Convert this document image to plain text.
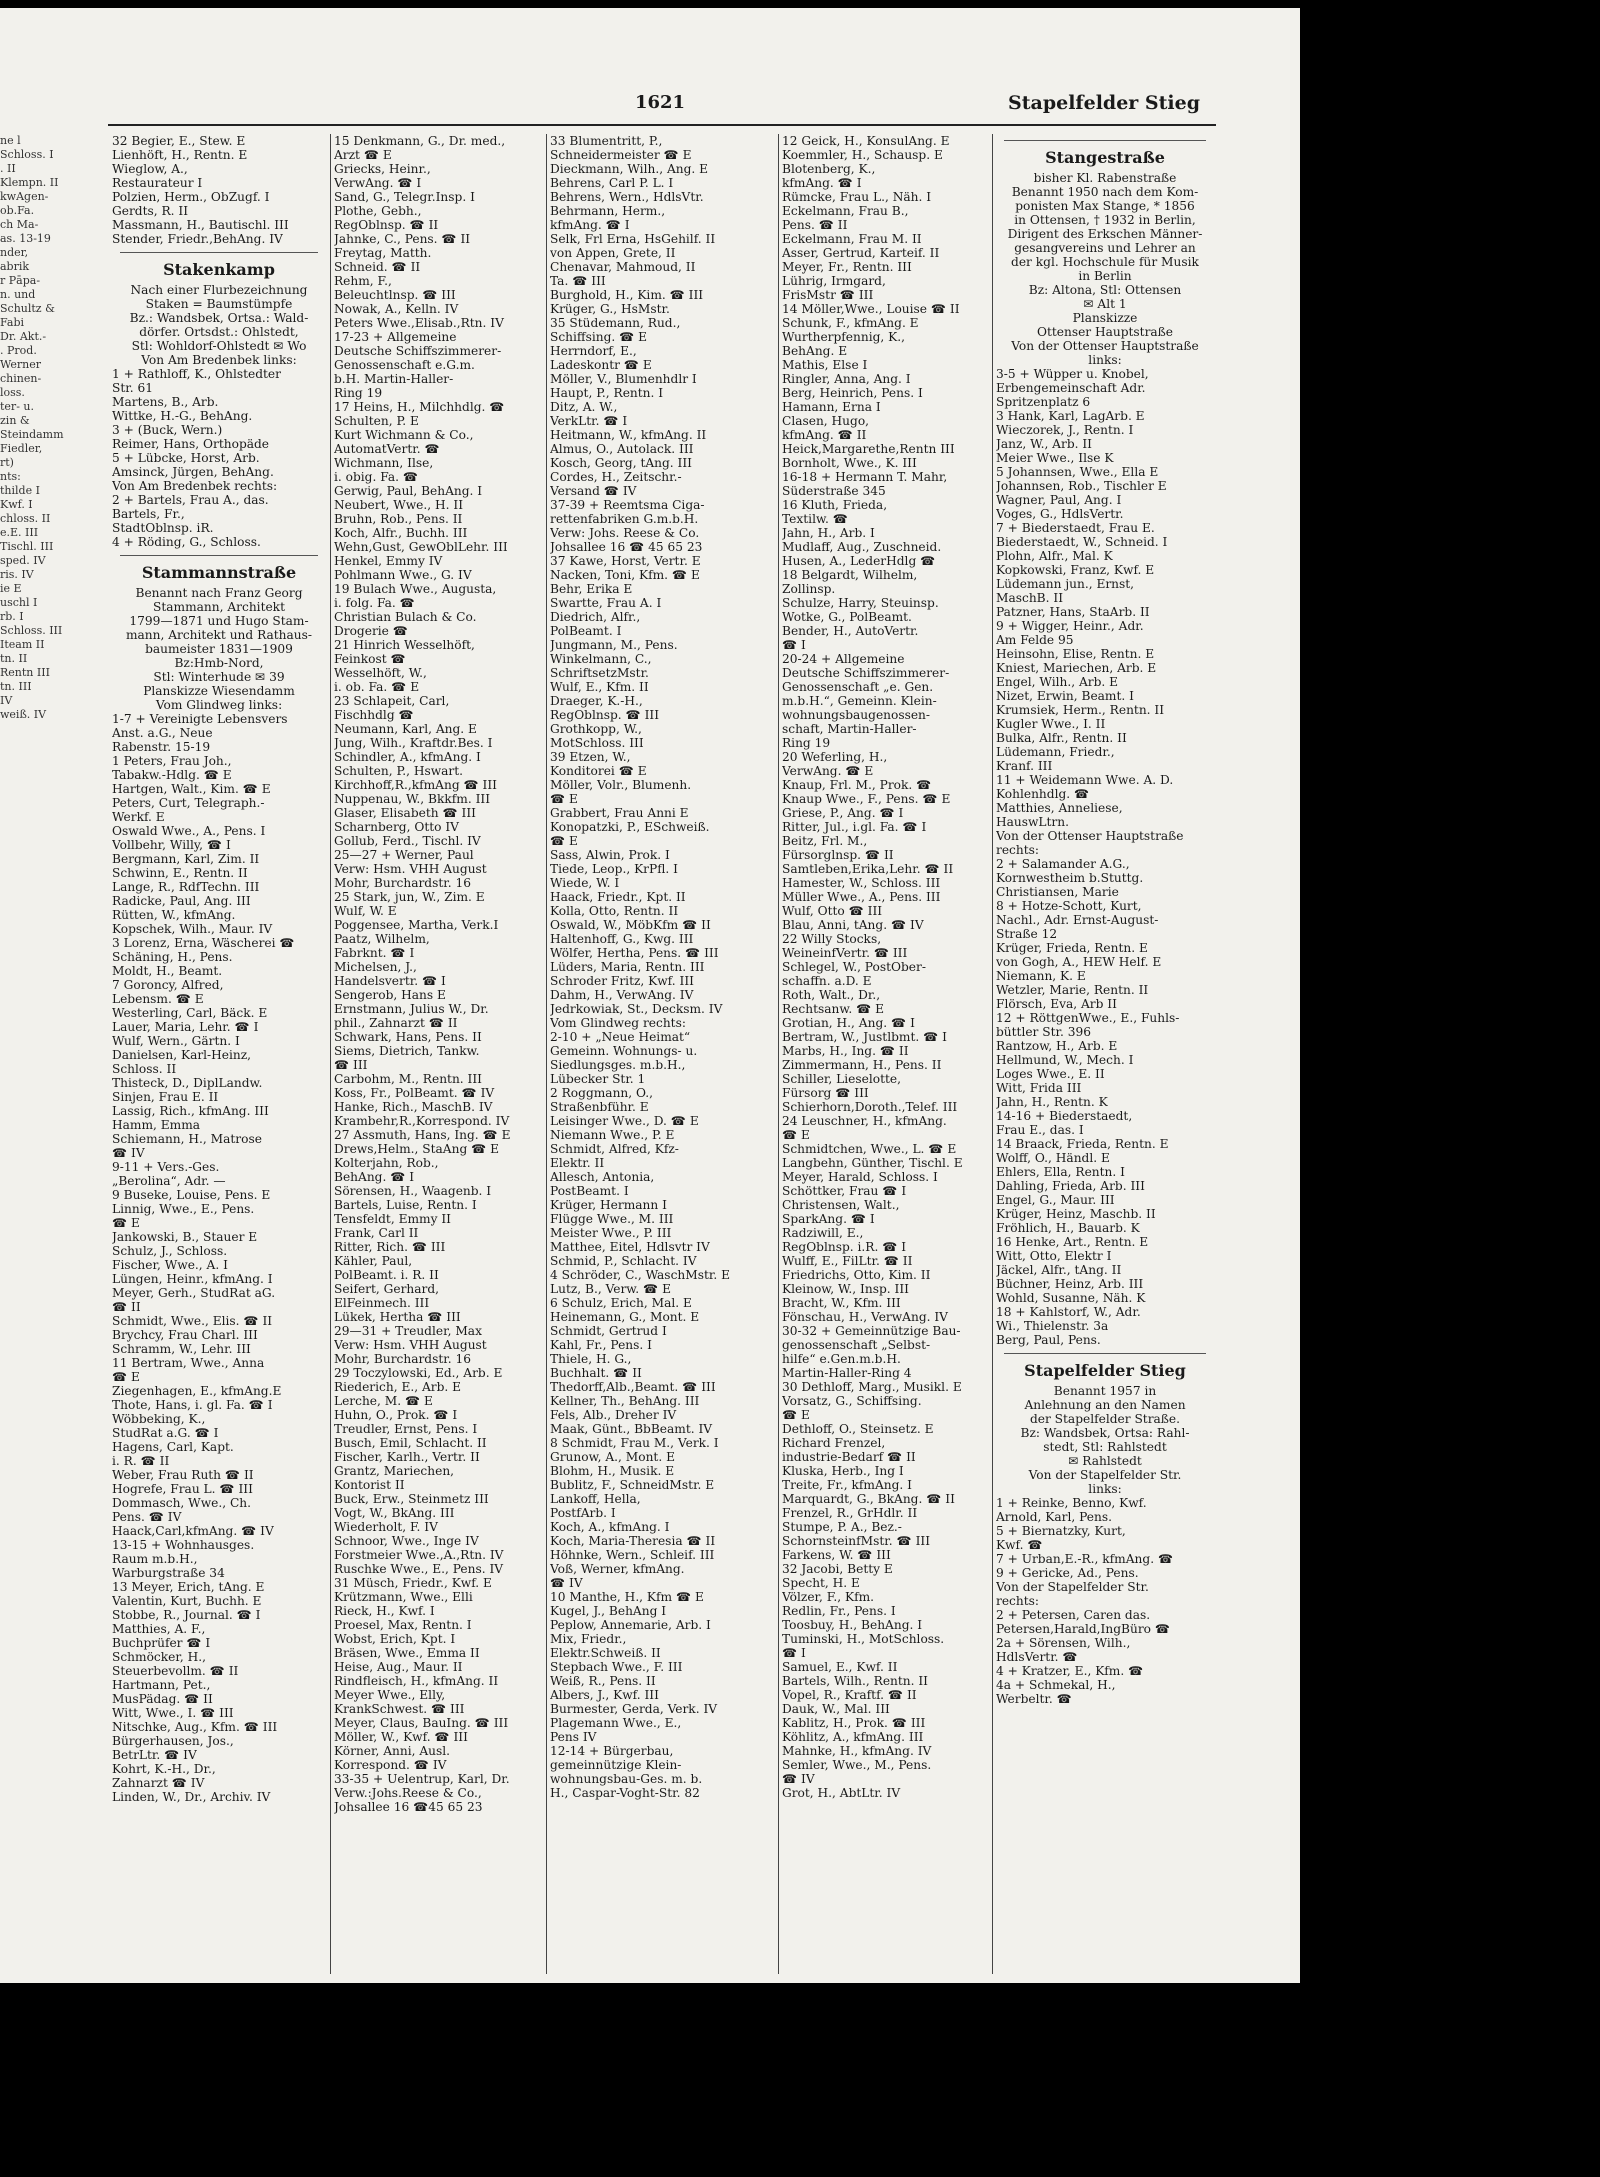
1621	Stapelfelder Stieg
ne l
Schloss. I
. II
Klempn. II
kwAgen-
ob.Fa.
ch Ma-
as. 13-19
nder,
abrik
r Pāpa-
n. und
Schultz &
Fabi
Dr. Akt.-
. Prod.
Werner
chinen-
loss.
ter- u.
zin &
Steindamm
Fiedler,
rt)
nts:
thilde I
Kwf. I
chloss. II
e.E. III
Tischl. III
sped. IV
ris. IV
ie E
uschl I
rb. I
Schloss. III
Iteam II
tn. II
Rentn III
tn. III
IV
weiß. IV
32 Begier, E., Stew. E
Lienhöft, H., Rentn. E
Wieglow, A.,
Restaurateur I
Polzien, Herm., ObZugf. I
Gerdts, R. II
Massmann, H., Bautischl. III
Stender, Friedr.,BehAng. IV
Stakenkamp
Nach einer Flurbezeichnung
Staken = Baumstümpfe
Bz.: Wandsbek, Ortsa.: Wald-
dörfer. Ortsdst.: Ohlstedt,
Stl: Wohldorf-Ohlstedt ✉ Wo
Von Am Bredenbek links:
1 + Rathloff, K., Ohlstedter
Str. 61
Martens, B., Arb.
Wittke, H.-G., BehAng.
3 + (Buck, Wern.)
Reimer, Hans, Orthopäde
5 + Lübcke, Horst, Arb.
Amsinck, Jürgen, BehAng.
Von Am Bredenbek rechts:
2 + Bartels, Frau A., das.
Bartels, Fr.,
StadtOblnsp. iR.
4 + Röding, G., Schloss.
Stammannstraße
Benannt nach Franz Georg
Stammann, Architekt
1799—1871 und Hugo Stam-
mann, Architekt und Rathaus-
baumeister 1831—1909
Bz:Hmb-Nord,
Stl: Winterhude ✉ 39
Planskizze Wiesendamm
Vom Glindweg links:
1-7 + Vereinigte Lebensvers
Anst. a.G., Neue
Rabenstr. 15-19
1 Peters, Frau Joh.,
Tabakw.-Hdlg. ☎ E
Hartgen, Walt., Kim. ☎ E
Peters, Curt, Telegraph.-
Werkf. E
Oswald Wwe., A., Pens. I
Vollbehr, Willy, ☎ I
Bergmann, Karl, Zim. II
Schwinn, E., Rentn. II
Lange, R., RdfTechn. III
Radicke, Paul, Ang. III
Rütten, W., kfmAng.
Kopschek, Wilh., Maur. IV
3 Lorenz, Erna, Wäscherei ☎
Schäning, H., Pens.
Moldt, H., Beamt.
7 Goroncy, Alfred,
Lebensm. ☎ E
Westerling, Carl, Bäck. E
Lauer, Maria, Lehr. ☎ I
Wulf, Wern., Gärtn. I
Danielsen, Karl-Heinz,
Schloss. II
Thisteck, D., DiplLandw.
Sinjen, Frau E. II
Lassig, Rich., kfmAng. III
Hamm, Emma
Schiemann, H., Matrose
☎ IV
9-11 + Vers.-Ges.
„Berolina“, Adr. —
9 Buseke, Louise, Pens. E
Linnig, Wwe., E., Pens.
☎ E
Jankowski, B., Stauer E
Schulz, J., Schloss.
Fischer, Wwe., A. I
Lüngen, Heinr., kfmAng. I
Meyer, Gerh., StudRat aG.
☎ II
Schmidt, Wwe., Elis. ☎ II
Brychcy, Frau Charl. III
Schramm, W., Lehr. III
11 Bertram, Wwe., Anna
☎ E
Ziegenhagen, E., kfmAng.E
Thote, Hans, i. gl. Fa. ☎ I
Wöbbeking, K.,
StudRat a.G. ☎ I
Hagens, Carl, Kapt.
i. R. ☎ II
Weber, Frau Ruth ☎ II
Hogrefe, Frau L. ☎ III
Dommasch, Wwe., Ch.
Pens. ☎ IV
Haack,Carl,kfmAng. ☎ IV
13-15 + Wohnhausges.
Raum m.b.H.,
Warburgstraße 34
13 Meyer, Erich, tAng. E
Valentin, Kurt, Buchh. E
Stobbe, R., Journal. ☎ I
Matthies, A. F.,
Buchprüfer ☎ I
Schmöcker, H.,
Steuerbevollm. ☎ II
Hartmann, Pet.,
MusPädag. ☎ II
Witt, Wwe., I. ☎ III
Nitschke, Aug., Kfm. ☎ III
Bürgerhausen, Jos.,
BetrLtr. ☎ IV
Kohrt, K.-H., Dr.,
Zahnarzt ☎ IV
Linden, W., Dr., Archiv. IV
15 Denkmann, G., Dr. med.,
Arzt ☎ E
Griecks, Heinr.,
VerwAng. ☎ I
Sand, G., Telegr.Insp. I
Plothe, Gebh.,
RegOblnsp. ☎ II
Jahnke, C., Pens. ☎ II
Freytag, Matth.
Schneid. ☎ II
Rehm, F.,
Beleuchtlnsp. ☎ III
Nowak, A., Kelln. IV
Peters Wwe.,Elisab.,Rtn. IV
17-23 + Allgemeine
Deutsche Schiffszimmerer-
Genossenschaft e.G.m.
b.H. Martin-Haller-
Ring 19
17 Heins, H., Milchhdlg. ☎
Schulten, P. E
Kurt Wichmann & Co.,
AutomatVertr. ☎
Wichmann, Ilse,
i. obig. Fa. ☎
Gerwig, Paul, BehAng. I
Neubert, Wwe., H. II
Bruhn, Rob., Pens. II
Koch, Alfr., Buchh. III
Wehn,Gust, GewOblLehr. III
Henkel, Emmy IV
Pohlmann Wwe., G. IV
19 Bulach Wwe., Augusta,
i. folg. Fa. ☎
Christian Bulach & Co.
Drogerie ☎
21 Hinrich Wesselhöft,
Feinkost ☎
Wesselhöft, W.,
i. ob. Fa. ☎ E
23 Schlapeit, Carl,
Fischhdlg ☎
Neumann, Karl, Ang. E
Jung, Wilh., Kraftdr.Bes. I
Schindler, A., kfmAng. I
Schulten, P., Hswart.
Kirchhoff,R.,kfmAng ☎ III
Nuppenau, W., Bkkfm. III
Glaser, Elisabeth ☎ III
Scharnberg, Otto IV
Gollub, Ferd., Tischl. IV
25—27 + Werner, Paul
Verw: Hsm. VHH August
Mohr, Burchardstr. 16
25 Stark, jun, W., Zim. E
Wulf, W. E
Poggensee, Martha, Verk.I
Paatz, Wilhelm,
Fabrknt. ☎ I
Michelsen, J.,
Handelsvertr. ☎ I
Sengerob, Hans E
Ernstmann, Julius W., Dr.
phil., Zahnarzt ☎ II
Schwark, Hans, Pens. II
Siems, Dietrich, Tankw.
☎ III
Carbohm, M., Rentn. III
Koss, Fr., PolBeamt. ☎ IV
Hanke, Rich., MaschB. IV
Krambehr,R.,Korrespond. IV
27 Assmuth, Hans, Ing. ☎ E
Drews,Helm., StaAng ☎ E
Kolterjahn, Rob.,
BehAng. ☎ I
Sörensen, H., Waagenb. I
Bartels, Luise, Rentn. I
Tensfeldt, Emmy II
Frank, Carl II
Ritter, Rich. ☎ III
Kähler, Paul,
PolBeamt. i. R. II
Seifert, Gerhard,
ElFeinmech. III
Lükek, Hertha ☎ III
29—31 + Treudler, Max
Verw: Hsm. VHH August
Mohr, Burchardstr. 16
29 Toczylowski, Ed., Arb. E
Riederich, E., Arb. E
Lerche, M. ☎ E
Huhn, O., Prok. ☎ I
Treudler, Ernst, Pens. I
Busch, Emil, Schlacht. II
Fischer, Karlh., Vertr. II
Grantz, Mariechen,
Kontorist II
Buck, Erw., Steinmetz III
Vogt, W., BkAng. III
Wiederholt, F. IV
Schnoor, Wwe., Inge IV
Forstmeier Wwe.,A.,Rtn. IV
Ruschke Wwe., E., Pens. IV
31 Müsch, Friedr., Kwf. E
Krützmann, Wwe., Elli
Rieck, H., Kwf. I
Proesel, Max, Rentn. I
Wobst, Erich, Kpt. I
Bräsen, Wwe., Emma II
Heise, Aug., Maur. II
Rindfleisch, H., kfmAng. II
Meyer Wwe., Elly,
KrankSchwest. ☎ III
Meyer, Claus, BauIng. ☎ III
Möller, W., Kwf. ☎ III
Körner, Anni, Ausl.
Korrespond. ☎ IV
33-35 + Uelentrup, Karl, Dr.
Verw.:Johs.Reese & Co.,
Johsallee 16 ☎45 65 23
33 Blumentritt, P.,
Schneidermeister ☎ E
Dieckmann, Wilh., Ang. E
Behrens, Carl P. L. I
Behrens, Wern., HdlsVtr.
Behrmann, Herm.,
kfmAng. ☎ I
Selk, Frl Erna, HsGehilf. II
von Appen, Grete, II
Chenavar, Mahmoud, II
Ta. ☎ III
Burghold, H., Kim. ☎ III
Krüger, G., HsMstr.
35 Stüdemann, Rud.,
Schiffsing. ☎ E
Herrndorf, E.,
Ladeskontr ☎ E
Möller, V., Blumenhdlr I
Haupt, P., Rentn. I
Ditz, A. W.,
VerkLtr. ☎ I
Heitmann, W., kfmAng. II
Almus, O., Autolack. III
Kosch, Georg, tAng. III
Cordes, H., Zeitschr.-
Versand ☎ IV
37-39 + Reemtsma Ciga-
rettenfabriken G.m.b.H.
Verw: Johs. Reese & Co.
Johsallee 16 ☎ 45 65 23
37 Kawe, Horst, Vertr. E
Nacken, Toni, Kfm. ☎ E
Behr, Erika E
Swartte, Frau A. I
Diedrich, Alfr.,
PolBeamt. I
Jungmann, M., Pens.
Winkelmann, C.,
SchriftsetzMstr.
Wulf, E., Kfm. II
Draeger, K.-H.,
RegOblnsp. ☎ III
Grothkopp, W.,
MotSchloss. III
39 Etzen, W.,
Konditorei ☎ E
Möller, Volr., Blumenh.
☎ E
Grabbert, Frau Anni E
Konopatzki, P., ESchweiß.
☎ E
Sass, Alwin, Prok. I
Tiede, Leop., KrPfl. I
Wiede, W. I
Haack, Friedr., Kpt. II
Kolla, Otto, Rentn. II
Oswald, W., MöbKfm ☎ II
Haltenhoff, G., Kwg. III
Wölfer, Hertha, Pens. ☎ III
Lüders, Maria, Rentn. III
Schroder Fritz, Kwf. III
Dahm, H., VerwAng. IV
Jedrkowiak, St., Decksm. IV
Vom Glindweg rechts:
2-10 + „Neue Heimat“
Gemeinn. Wohnungs- u.
Siedlungsges. m.b.H.,
Lübecker Str. 1
2 Roggmann, O.,
Straßenbführ. E
Leisinger Wwe., D. ☎ E
Niemann Wwe., P. E
Schmidt, Alfred, Kfz-
Elektr. II
Allesch, Antonia,
PostBeamt. I
Krüger, Hermann I
Flügge Wwe., M. III
Meister Wwe., P. III
Matthee, Eitel, Hdlsvtr IV
Schmid, P., Schlacht. IV
4 Schröder, C., WaschMstr. E
Lutz, B., Verw. ☎ E
6 Schulz, Erich, Mal. E
Heinemann, G., Mont. E
Schmidt, Gertrud I
Kahl, Fr., Pens. I
Thiele, H. G.,
Buchhalt. ☎ II
Thedorff,Alb.,Beamt. ☎ III
Kellner, Th., BehAng. III
Fels, Alb., Dreher IV
Maak, Günt., BbBeamt. IV
8 Schmidt, Frau M., Verk. I
Grunow, A., Mont. E
Blohm, H., Musik. E
Bublitz, F., SchneidMstr. E
Lankoff, Hella,
PostfArb. I
Koch, A., kfmAng. I
Koch, Maria-Theresia ☎ II
Höhnke, Wern., Schleif. III
Voß, Werner, kfmAng.
☎ IV
10 Manthe, H., Kfm ☎ E
Kugel, J., BehAng I
Peplow, Annemarie, Arb. I
Mix, Friedr.,
Elektr.Schweiß. II
Stepbach Wwe., F. III
Weiß, R., Pens. II
Albers, J., Kwf. III
Burmester, Gerda, Verk. IV
Plagemann Wwe., E.,
Pens IV
12-14 + Bürgerbau,
gemeinnützige Klein-
wohnungsbau-Ges. m. b.
H., Caspar-Voght-Str. 82
12 Geick, H., KonsulAng. E
Koemmler, H., Schausp. E
Blotenberg, K.,
kfmAng. ☎ I
Rümcke, Frau L., Näh. I
Eckelmann, Frau B.,
Pens. ☎ II
Eckelmann, Frau M. II
Asser, Gertrud, Karteif. II
Meyer, Fr., Rentn. III
Lührig, Irmgard,
FrisMstr ☎ III
14 Möller,Wwe., Louise ☎ II
Schunk, F., kfmAng. E
Wurtherpfennig, K.,
BehAng. E
Mathis, Else I
Ringler, Anna, Ang. I
Berg, Heinrich, Pens. I
Hamann, Erna I
Clasen, Hugo,
kfmAng. ☎ II
Heick,Margarethe,Rentn III
Bornholt, Wwe., K. III
16-18 + Hermann T. Mahr,
Süderstraße 345
16 Kluth, Frieda,
Textilw. ☎
Jahn, H., Arb. I
Mudlaff, Aug., Zuschneid.
Husen, A., LederHdlg ☎
18 Belgardt, Wilhelm,
Zollinsp.
Schulze, Harry, Steuinsp.
Wotke, G., PolBeamt.
Bender, H., AutoVertr.
☎ I
20-24 + Allgemeine
Deutsche Schiffszimmerer-
Genossenschaft „e. Gen.
m.b.H.“, Gemeinn. Klein-
wohnungsbaugenossen-
schaft, Martin-Haller-
Ring 19
20 Weferling, H.,
VerwAng. ☎ E
Knaup, Frl. M., Prok. ☎
Knaup Wwe., F., Pens. ☎ E
Griese, P., Ang. ☎ I
Ritter, Jul., i.gl. Fa. ☎ I
Beitz, Frl. M.,
Fürsorglnsp. ☎ II
Samtleben,Erika,Lehr. ☎ II
Hamester, W., Schloss. III
Müller Wwe., A., Pens. III
Wulf, Otto ☎ III
Blau, Anni, tAng. ☎ IV
22 Willy Stocks,
WeineinfVertr. ☎ III
Schlegel, W., PostOber-
schaffn. a.D. E
Roth, Walt., Dr.,
Rechtsanw. ☎ E
Grotian, H., Ang. ☎ I
Bertram, W., Justlbmt. ☎ I
Marbs, H., Ing. ☎ II
Zimmermann, H., Pens. II
Schiller, Lieselotte,
Fürsorg ☎ III
Schierhorn,Doroth.,Telef. III
24 Leuschner, H., kfmAng.
☎ E
Schmidtchen, Wwe., L. ☎ E
Langbehn, Günther, Tischl. E
Meyer, Harald, Schloss. I
Schöttker, Frau ☎ I
Christensen, Walt.,
SparkAng. ☎ I
Radziwill, E.,
RegOblnsp. i.R. ☎ I
Wulff, E., FilLtr. ☎ II
Friedrichs, Otto, Kim. II
Kleinow, W., Insp. III
Bracht, W., Kfm. III
Fönschau, H., VerwAng. IV
30-32 + Gemeinnützige Bau-
genossenschaft „Selbst-
hilfe“ e.Gen.m.b.H.
Martin-Haller-Ring 4
30 Dethloff, Marg., Musikl. E
Vorsatz, G., Schiffsing.
☎ E
Dethloff, O., Steinsetz. E
Richard Frenzel,
industrie-Bedarf ☎ II
Kluska, Herb., Ing I
Treite, Fr., kfmAng. I
Marquardt, G., BkAng. ☎ II
Frenzel, R., GrHdlr. II
Stumpe, P. A., Bez.-
SchornsteinfMstr. ☎ III
Farkens, W. ☎ III
32 Jacobi, Betty E
Specht, H. E
Völzer, F., Kfm.
Redlin, Fr., Pens. I
Toosbuy, H., BehAng. I
Tuminski, H., MotSchloss.
☎ I
Samuel, E., Kwf. II
Bartels, Wilh., Rentn. II
Vopel, R., Kraftf. ☎ II
Dauk, W., Mal. III
Kablitz, H., Prok. ☎ III
Köhlitz, A., kfmAng. III
Mahnke, H., kfmAng. IV
Semler, Wwe., M., Pens.
☎ IV
Grot, H., AbtLtr. IV
Stangestraße
bisher Kl. Rabenstraße
Benannt 1950 nach dem Kom-
ponisten Max Stange, * 1856
in Ottensen, † 1932 in Berlin,
Dirigent des Erkschen Männer-
gesangvereins und Lehrer an
der kgl. Hochschule für Musik
in Berlin
Bz: Altona, Stl: Ottensen
✉ Alt 1
Planskizze
Ottenser Hauptstraße
Von der Ottenser Hauptstraße
links:
3-5 + Wüpper u. Knobel,
Erbengemeinschaft Adr.
Spritzenplatz 6
3 Hank, Karl, LagArb. E
Wieczorek, J., Rentn. I
Janz, W., Arb. II
Meier Wwe., Ilse K
5 Johannsen, Wwe., Ella E
Johannsen, Rob., Tischler E
Wagner, Paul, Ang. I
Voges, G., HdlsVertr.
7 + Biederstaedt, Frau E.
Biederstaedt, W., Schneid. I
Plohn, Alfr., Mal. K
Kopkowski, Franz, Kwf. E
Lüdemann jun., Ernst,
MaschB. II
Patzner, Hans, StaArb. II
9 + Wigger, Heinr., Adr.
Am Felde 95
Heinsohn, Elise, Rentn. E
Kniest, Mariechen, Arb. E
Engel, Wilh., Arb. E
Nizet, Erwin, Beamt. I
Krumsiek, Herm., Rentn. II
Kugler Wwe., I. II
Bulka, Alfr., Rentn. II
Lüdemann, Friedr.,
Kranf. III
11 + Weidemann Wwe. A. D.
Kohlenhdlg. ☎
Matthies, Anneliese,
HauswLtrn.
Von der Ottenser Hauptstraße
rechts:
2 + Salamander A.G.,
Kornwestheim b.Stuttg.
Christiansen, Marie
8 + Hotze-Schott, Kurt,
Nachl., Adr. Ernst-August-
Straße 12
Krüger, Frieda, Rentn. E
von Gogh, A., HEW Helf. E
Niemann, K. E
Wetzler, Marie, Rentn. II
Flörsch, Eva, Arb II
12 + RöttgenWwe., E., Fuhls-
büttler Str. 396
Rantzow, H., Arb. E
Hellmund, W., Mech. I
Loges Wwe., E. II
Witt, Frida III
Jahn, H., Rentn. K
14-16 + Biederstaedt,
Frau E., das. I
14 Braack, Frieda, Rentn. E
Wolff, O., Händl. E
Ehlers, Ella, Rentn. I
Dahling, Frieda, Arb. III
Engel, G., Maur. III
Krüger, Heinz, Maschb. II
Fröhlich, H., Bauarb. K
16 Henke, Art., Rentn. E
Witt, Otto, Elektr I
Jäckel, Alfr., tAng. II
Büchner, Heinz, Arb. III
Wohld, Susanne, Näh. K
18 + Kahlstorf, W., Adr.
Wi., Thielenstr. 3a
Berg, Paul, Pens.
Stapelfelder Stieg
Benannt 1957 in
Anlehnung an den Namen
der Stapelfelder Straße.
Bz: Wandsbek, Ortsa: Rahl-
stedt, Stl: Rahlstedt
✉ Rahlstedt
Von der Stapelfelder Str.
links:
1 + Reinke, Benno, Kwf.
Arnold, Karl, Pens.
5 + Biernatzky, Kurt,
Kwf. ☎
7 + Urban,E.-R., kfmAng. ☎
9 + Gericke, Ad., Pens.
Von der Stapelfelder Str.
rechts:
2 + Petersen, Caren das.
Petersen,Harald,IngBüro ☎
2a + Sörensen, Wilh.,
HdlsVertr. ☎
4 + Kratzer, E., Kfm. ☎
4a + Schmekal, H.,
Werbeltr. ☎
